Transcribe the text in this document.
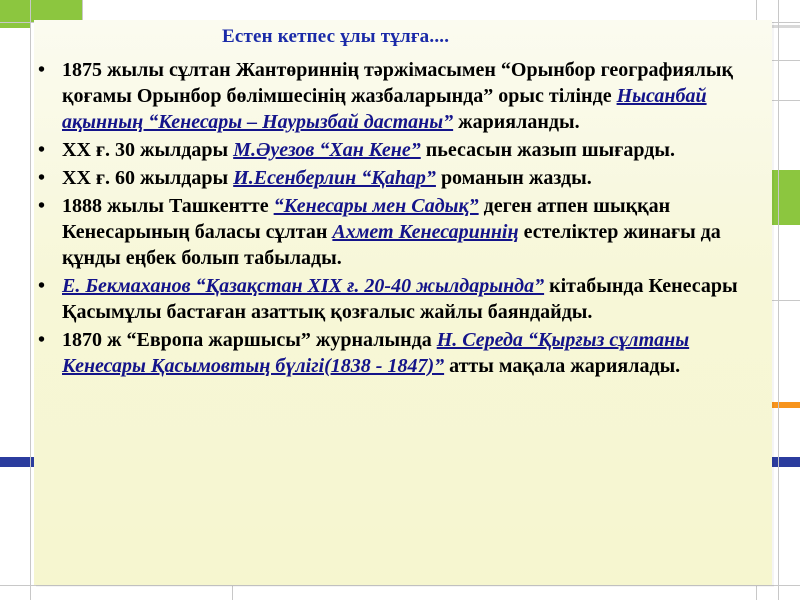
Естен кетпес ұлы тұлға....
• 1875 жылы сұлтан Жантөриннің тәржімасымен “Орынбор географиялық қоғамы Орынбор бөлімшесінің жазбаларында” орыс тілінде Нысанбай ақынның “Кенесары – Наурызбай дастаны” жарияланды.
• XX ғ. 30 жылдары М.Әуезов “Хан Кене” пьесасын жазып шығарды.
• XX ғ. 60 жылдары И.Есенберлин “Қаһар” романын жазды.
• 1888 жылы Ташкентте “Кенесары мен Садық” деген атпен шыққан Кенесарының баласы сұлтан Ахмет Кенесариннің естеліктер жинағы да құнды еңбек болып табылады.
• Е. Бекмаханов “Қазақстан XIX ғ. 20-40 жылдарында” кітабында Кенесары Қасымұлы бастаған азаттық қозғалыс жайлы баяндайды.
• 1870 ж “Европа жаршысы” журналында Н. Середа “Қырғыз сұлтаны Кенесары Қасымовтың бүлігі(1838 - 1847)” атты мақала жариялады.
